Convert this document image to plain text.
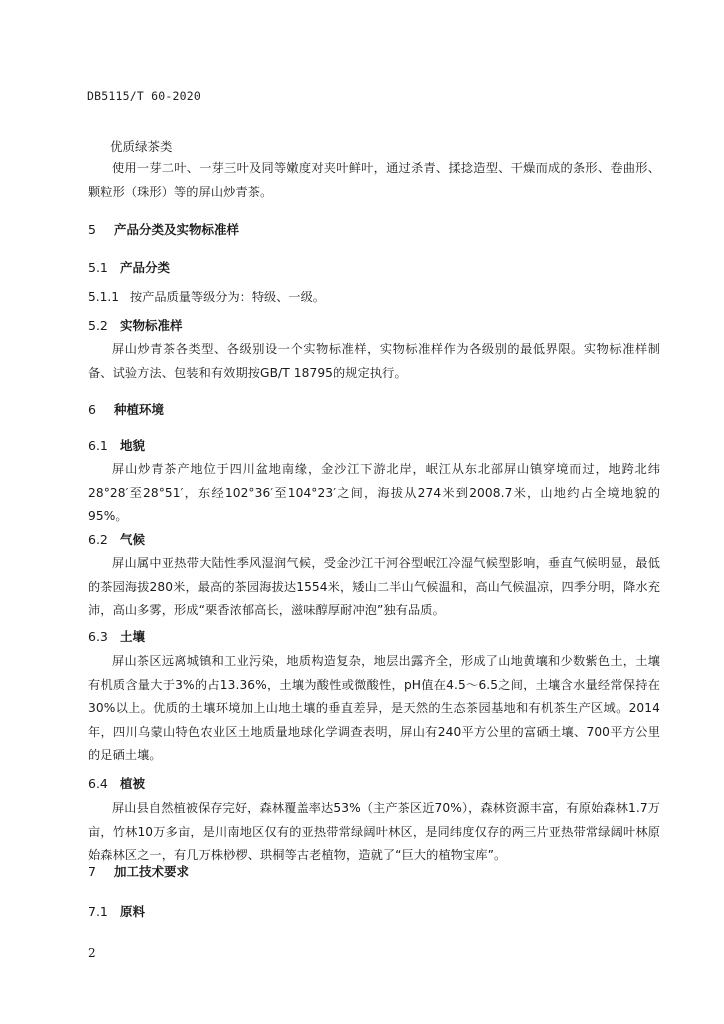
DB5115/T 60-2020
优质绿茶类

使用一芽二叶、一芽三叶及同等嫩度对夹叶鲜叶，通过杀青、揉捻造型、干燥而成的条形、卷曲形、颗粒形（珠形）等的屏山炒青茶。

5 产品分类及实物标准样
5.1 产品分类
5.1.1 按产品质量等级分为：特级、一级。
5.2 实物标准样

屏山炒青茶各类型、各级别设一个实物标准样，实物标准样作为各级别的最低界限。实物标准样制备、试验方法、包装和有效期按GB/T 18795的规定执行。

6 种植环境
6.1 地貌

屏山炒青茶产地位于四川盆地南缘，金沙江下游北岸，岷江从东北部屏山镇穿境而过，地跨北纬28°28′至28°51′，东经102°36′至104°23′之间，海拔从274米到2008.7米，山地约占全境地貌的95%。

6.2 气候

屏山属中亚热带大陆性季风湿润气候，受金沙江干河谷型岷江冷湿气候型影响，垂直气候明显，最低的茶园海拔280米，最高的茶园海拔达1554米，矮山二半山气候温和，高山气候温凉，四季分明，降水充沛，高山多雾，形成“栗香浓郁高长，滋味醇厚耐冲泡”独有品质。

6.3 土壤

屏山茶区远离城镇和工业污染，地质构造复杂，地层出露齐全，形成了山地黄壤和少数紫色土，土壤有机质含量大于3%的占13.36%，土壤为酸性或微酸性，pH值在4.5～6.5之间，土壤含水量经常保持在30%以上。优质的土壤环境加上山地土壤的垂直差异，是天然的生态茶园基地和有机茶生产区域。2014年，四川乌蒙山特色农业区土地质量地球化学调查表明，屏山有240平方公里的富硒土壤、700平方公里的足硒土壤。

6.4 植被

屏山县自然植被保存完好，森林覆盖率达53%（主产茶区近70%），森林资源丰富，有原始森林1.7万亩，竹林10万多亩，是川南地区仅有的亚热带常绿阔叶林区，是同纬度仅存的两三片亚热带常绿阔叶林原始森林区之一，有几万株桫椤、珙桐等古老植物，造就了“巨大的植物宝库”。

7 加工技术要求
7.1 原料
2
